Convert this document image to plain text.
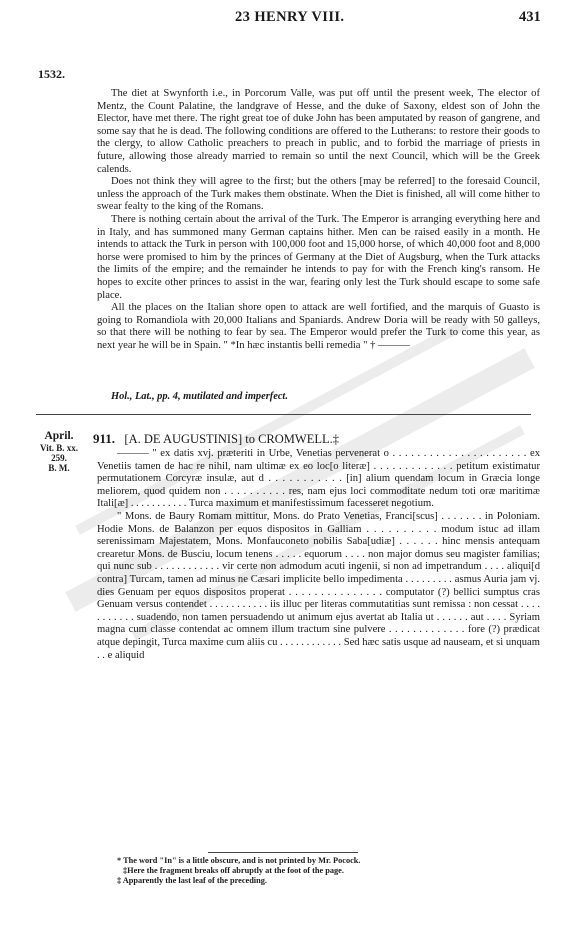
23 HENRY VIII.	431
1532.

The diet at Swynforth i.e., in Porcorum Valle, was put off until the present week, The elector of Mentz, the Count Palatine, the landgrave of Hesse, and the duke of Saxony, eldest son of John the Elector, have met there. The right great toe of duke John has been amputated by reason of gangrene, and some say that he is dead. The following conditions are offered to the Lutherans: to restore their goods to the clergy, to allow Catholic preachers to preach in public, and to forbid the marriage of priests in future, allowing those already married to remain so until the next Council, which will be the Greek calends.

Does not think they will agree to the first; but the others [may be referred] to the foresaid Council, unless the approach of the Turk makes them obstinate. When the Diet is finished, all will come hither to swear fealty to the king of the Romans.

There is nothing certain about the arrival of the Turk. The Emperor is arranging everything here and in Italy, and has summoned many German captains hither. Men can be raised easily in a month. He intends to attack the Turk in person with 100,000 foot and 15,000 horse, of which 40,000 foot and 8,000 horse were promised to him by the princes of Germany at the Diet of Augsburg, when the Turk attacks the limits of the empire; and the remainder he intends to pay for with the French king's ransom. He hopes to excite other princes to assist in the war, fearing only lest the Turk should escape to some safe place.

All the places on the Italian shore open to attack are well fortified, and the marquis of Guasto is going to Romandiola with 20,000 Italians and Spaniards. Andrew Doria will be ready with 50 galleys, so that there will be nothing to fear by sea. The Emperor would prefer the Turk to come this year, as next year he will be in Spain. " *In hæc instantis belli remedia " † ———

Hol., Lat., pp. 4, mutilated and imperfect.
April.
Vit. B. xx.
259.
B. M.
911. [A. DE AUGUSTINIS] to CROMWELL.‡

——— " ex datis xvj. præteriti in Urbe, Venetias pervenerat o . . . . . . . . . . . . . . . . . . . . . . ex Venetiis tamen de hac re nihil, nam ultimæ ex eo loc[o literæ] . . . . . . . . . . . . . petitum existimatur permutationem Corcyræ insulæ, aut d . . . . . . . . . . . [in] alium quendam locum in Græcia longe meliorem, quod quidem non . . . . . . . . . . res, nam ejus loci commoditate nedum toti oræ maritimæ Itali[æ] . . . . . . . . . . . Turca maximum et manifestissimum facesseret negotium.

" Mons. de Baury Romam mittitur, Mons. do Prato Venetias, Franci[scus] . . . . . . . in Poloniam. Hodie Mons. de Balanzon per equos dispositos in Galliam . . . . . . . . . . modum istuc ad illam serenissimam Majestatem, Mons. Monfauconeto nobilis Saba[udiæ] . . . . . . hinc mensis antequam crearetur Mons. de Busciu, locum tenens . . . . . equorum . . . . non major domus seu magister familias; qui nunc sub . . . . . . . . . . . . vir certe non admodum acuti ingenii, si non ad impetrandum . . . . aliqui[d contra] Turcam, tamen ad minus ne Cæsari implicite bello impedimenta . . . . . . . . . asmus Auria jam vj. dies Genuam per equos dispositos properat . . . . . . . . . . . . . . . computator (?) bellici sumptus cras Genuam versus contendet . . . . . . . . . . . iis illuc per literas commutatitias sunt remissa : non cessat . . . . . . . . . . . suadendo, non tamen persuadendo ut animum ejus avertat ab Italia ut . . . . . . aut . . . . Syriam magna cum classe contendat ac omnem illum tractum sine pulvere . . . . . . . . . . . . . fore (?) prædicat atque depingit, Turca maxime cum aliis cu . . . . . . . . . . . . Sed hæc satis usque ad nauseam, et si unquam . . e aliquid

* The word "In" is a little obscure, and is not printed by Mr. Pocock.
‡Here the fragment breaks off abruptly at the foot of the page.
‡ Apparently the last leaf of the preceding.
